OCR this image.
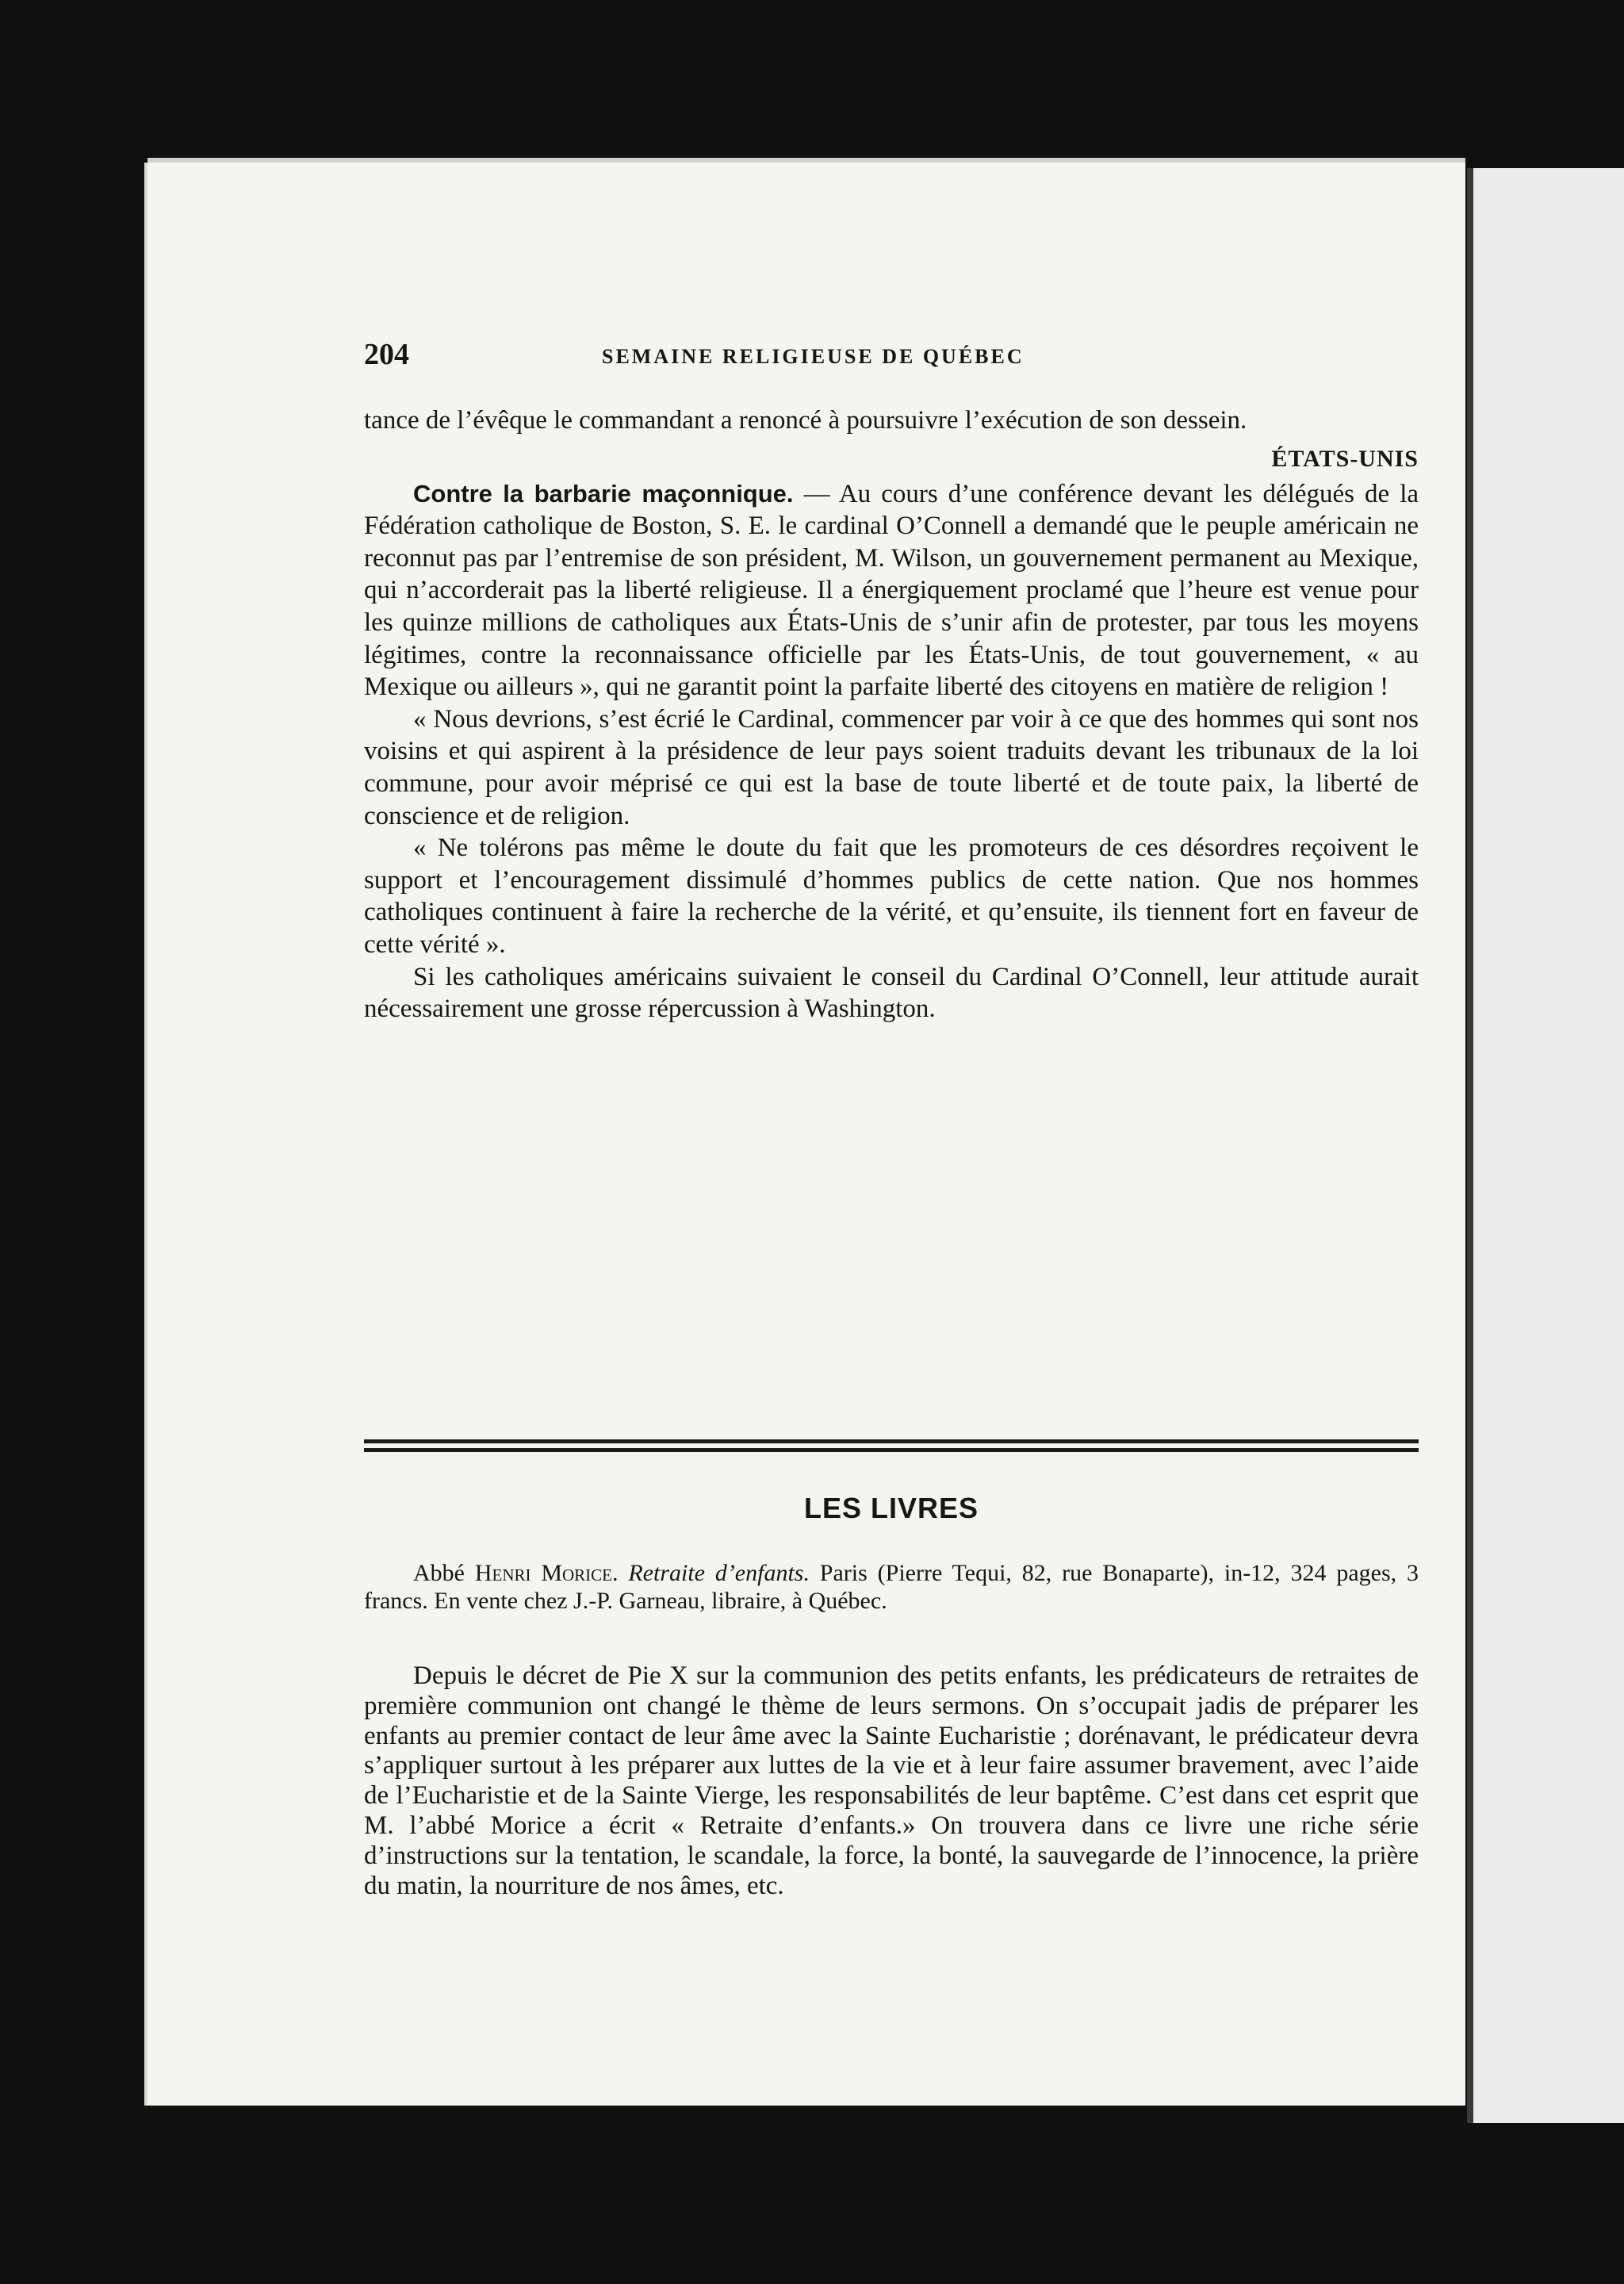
204	SEMAINE RELIGIEUSE DE QUÉBEC

tance de l’évêque le commandant a renoncé à poursuivre l’exécution de son dessein.

ÉTATS-UNIS

Contre la barbarie maçonnique. — Au cours d’une conférence devant les délégués de la Fédération catholique de Boston, S. E. le cardinal O’Connell a demandé que le peuple américain ne reconnut pas par l’entremise de son président, M. Wilson, un gouvernement permanent au Mexique, qui n’accorderait pas la liberté religieuse. Il a énergiquement proclamé que l’heure est venue pour les quinze millions de catholiques aux États-Unis de s’unir afin de protester, par tous les moyens légitimes, contre la reconnaissance officielle par les États-Unis, de tout gouvernement, « au Mexique ou ailleurs », qui ne garantit point la parfaite liberté des citoyens en matière de religion !

« Nous devrions, s’est écrié le Cardinal, commencer par voir à ce que des hommes qui sont nos voisins et qui aspirent à la présidence de leur pays soient traduits devant les tribunaux de la loi commune, pour avoir méprisé ce qui est la base de toute liberté et de toute paix, la liberté de conscience et de religion.

« Ne tolérons pas même le doute du fait que les promoteurs de ces désordres reçoivent le support et l’encouragement dissimulé d’hommes publics de cette nation. Que nos hommes catholiques continuent à faire la recherche de la vérité, et qu’ensuite, ils tiennent fort en faveur de cette vérité ».

Si les catholiques américains suivaient le conseil du Cardinal O’Connell, leur attitude aurait nécessairement une grosse répercussion à Washington.

LES LIVRES

Abbé Henri Morice. Retraite d’enfants. Paris (Pierre Tequi, 82, rue Bonaparte), in-12, 324 pages, 3 francs. En vente chez J.-P. Garneau, libraire, à Québec.

Depuis le décret de Pie X sur la communion des petits enfants, les prédicateurs de retraites de première communion ont changé le thème de leurs sermons. On s’occupait jadis de préparer les enfants au premier contact de leur âme avec la Sainte Eucharistie ; dorénavant, le prédicateur devra s’appliquer surtout à les préparer aux luttes de la vie et à leur faire assumer bravement, avec l’aide de l’Eucharistie et de la Sainte Vierge, les responsabilités de leur baptême. C’est dans cet esprit que M. l’abbé Morice a écrit « Retraite d’enfants.» On trouvera dans ce livre une riche série d’instructions sur la tentation, le scandale, la force, la bonté, la sauvegarde de l’innocence, la prière du matin, la nourriture de nos âmes, etc.
